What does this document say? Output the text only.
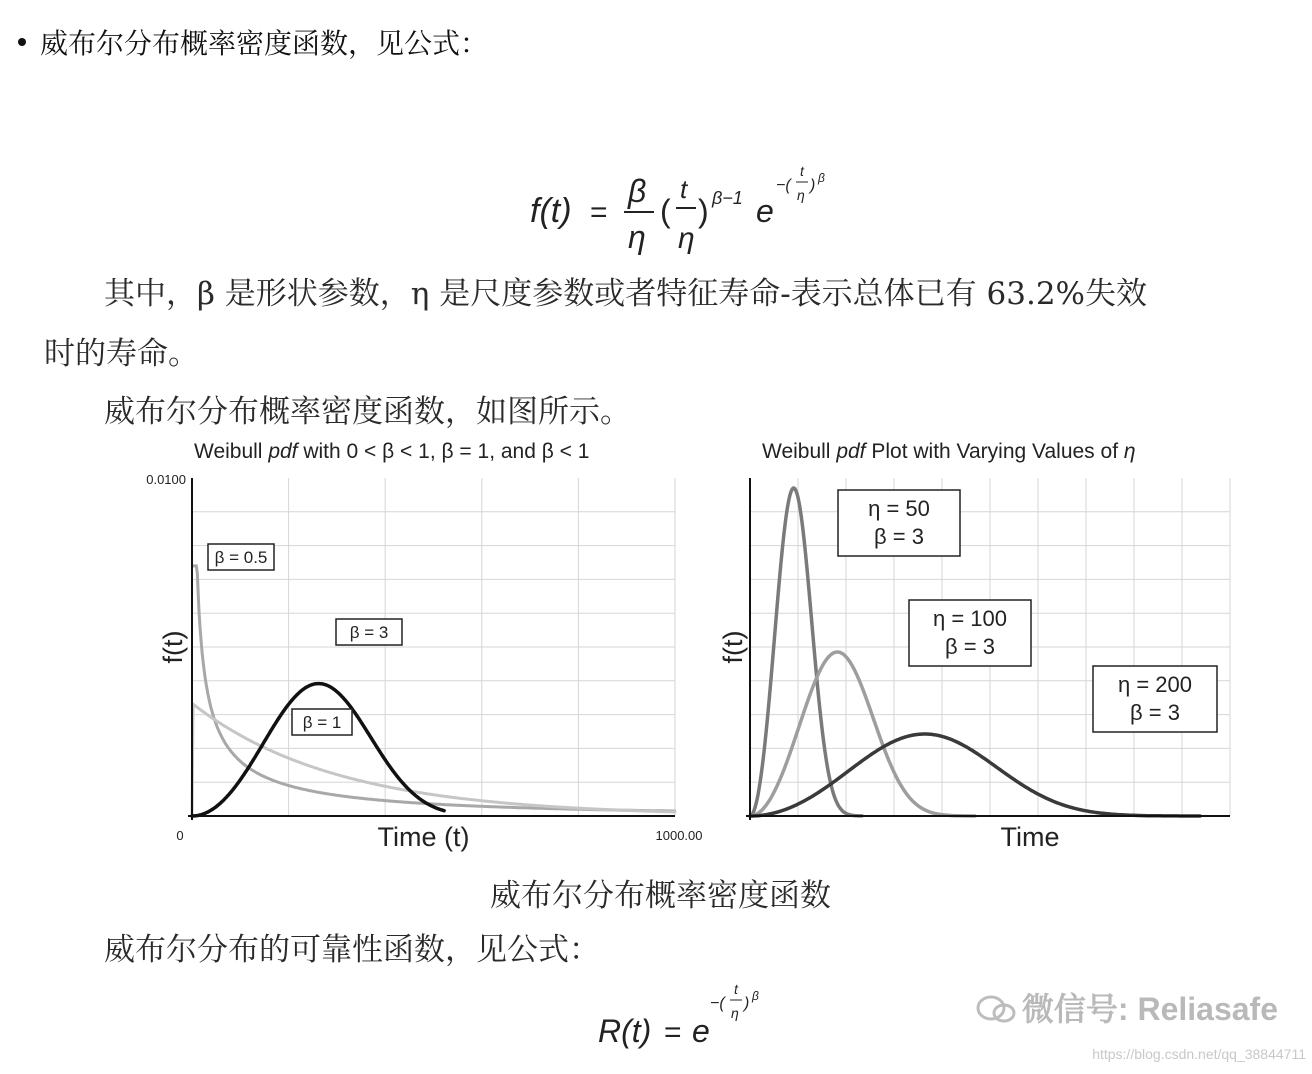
威布尔分布概率密度函数，见公式：
f(t) =
β
η
(
t
η
) β−1 e
−(
t
η
) β
其中，β 是形状参数，η 是尺度参数或者特征寿命-表示总体已有 63.2%失效
时的寿命。
威布尔分布概率密度函数，如图所示。
Weibull pdf with 0 < β < 1, β = 1, and β < 1
0.0100
0	1000.00
Time (t)
f(t)
β = 0.5
β = 3
β = 1
Weibull pdf Plot with Varying Values of η
Time
f(t)
η = 50
β = 3
η = 100
β = 3
η = 200
β = 3
威布尔分布概率密度函数
威布尔分布的可靠性函数，见公式：
R(t) = e
−(
t
η
) β	微信号: Reliasafe
https://blog.csdn.net/qq_38844711
